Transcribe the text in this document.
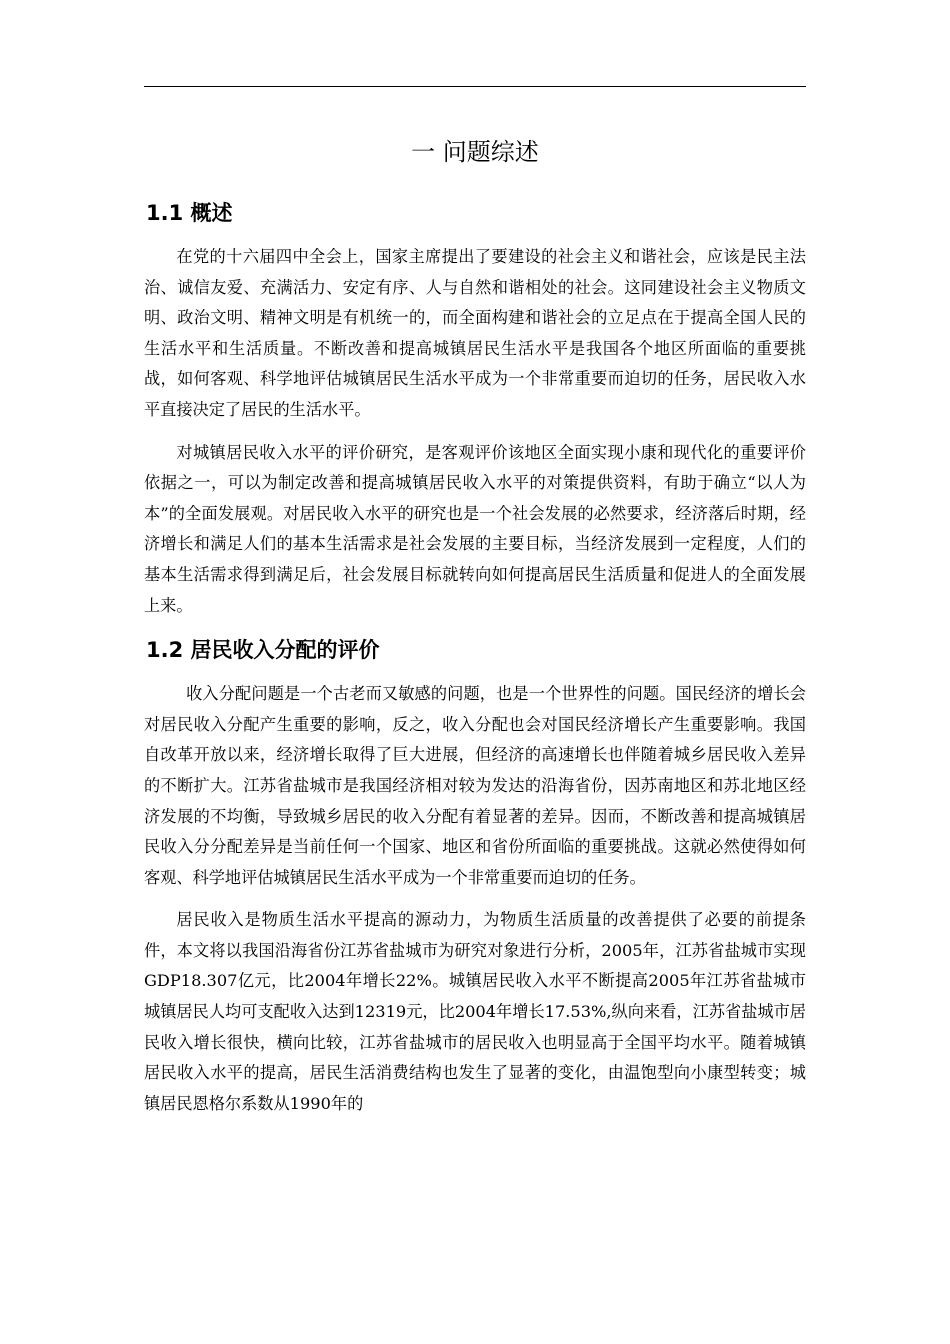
一 问题综述
1.1 概述

在党的十六届四中全会上，国家主席提出了要建设的社会主义和谐社会，应该是民主法治、诚信友爱、充满活力、安定有序、人与自然和谐相处的社会。这同建设社会主义物质文明、政治文明、精神文明是有机统一的，而全面构建和谐社会的立足点在于提高全国人民的生活水平和生活质量。不断改善和提高城镇居民生活水平是我国各个地区所面临的重要挑战，如何客观、科学地评估城镇居民生活水平成为一个非常重要而迫切的任务，居民收入水平直接决定了居民的生活水平。

对城镇居民收入水平的评价研究，是客观评价该地区全面实现小康和现代化的重要评价依据之一，可以为制定改善和提高城镇居民收入水平的对策提供资料，有助于确立“以人为本”的全面发展观。对居民收入水平的研究也是一个社会发展的必然要求，经济落后时期，经济增长和满足人们的基本生活需求是社会发展的主要目标，当经济发展到一定程度，人们的基本生活需求得到满足后，社会发展目标就转向如何提高居民生活质量和促进人的全面发展上来。

1.2 居民收入分配的评价

收入分配问题是一个古老而又敏感的问题，也是一个世界性的问题。国民经济的增长会对居民收入分配产生重要的影响，反之，收入分配也会对国民经济增长产生重要影响。我国自改革开放以来，经济增长取得了巨大进展，但经济的高速增长也伴随着城乡居民收入差异的不断扩大。江苏省盐城市是我国经济相对较为发达的沿海省份，因苏南地区和苏北地区经济发展的不均衡，导致城乡居民的收入分配有着显著的差异。因而，不断改善和提高城镇居民收入分分配差异是当前任何一个国家、地区和省份所面临的重要挑战。这就必然使得如何客观、科学地评估城镇居民生活水平成为一个非常重要而迫切的任务。

居民收入是物质生活水平提高的源动力，为物质生活质量的改善提供了必要的前提条件，本文将以我国沿海省份江苏省盐城市为研究对象进行分析，2005年，江苏省盐城市实现GDP18.307亿元，比2004年增长22%。城镇居民收入水平不断提高2005年江苏省盐城市城镇居民人均可支配收入达到12319元，比2004年增长17.53%,纵向来看，江苏省盐城市居民收入增长很快，横向比较，江苏省盐城市的居民收入也明显高于全国平均水平。随着城镇居民收入水平的提高，居民生活消费结构也发生了显著的变化，由温饱型向小康型转变；城镇居民恩格尔系数从1990年的
